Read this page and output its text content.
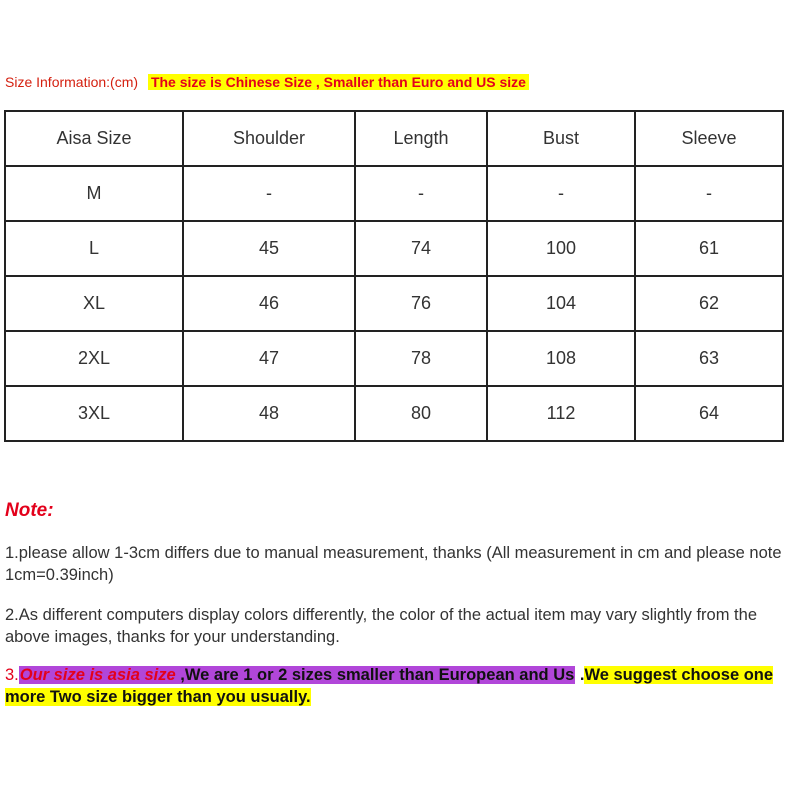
Size Information:(cm) The size is Chinese Size , Smaller than Euro and US size
Aisa Size	Shoulder	Length	Bust	Sleeve
M	-	-	-	-
L	45	74	100	61
XL	46	76	104	62
2XL	47	78	108	63
3XL	48	80	112	64
Note:
1.please allow 1-3cm differs due to manual measurement, thanks (All measurement in cm and please note 1cm=0.39inch)
2.As different computers display colors differently, the color of the actual item may vary slightly from the above images, thanks for your understanding.
3.Our size is asia size ,We are 1 or 2 sizes smaller than European and Us .We suggest choose one more Two size bigger than you usually.
